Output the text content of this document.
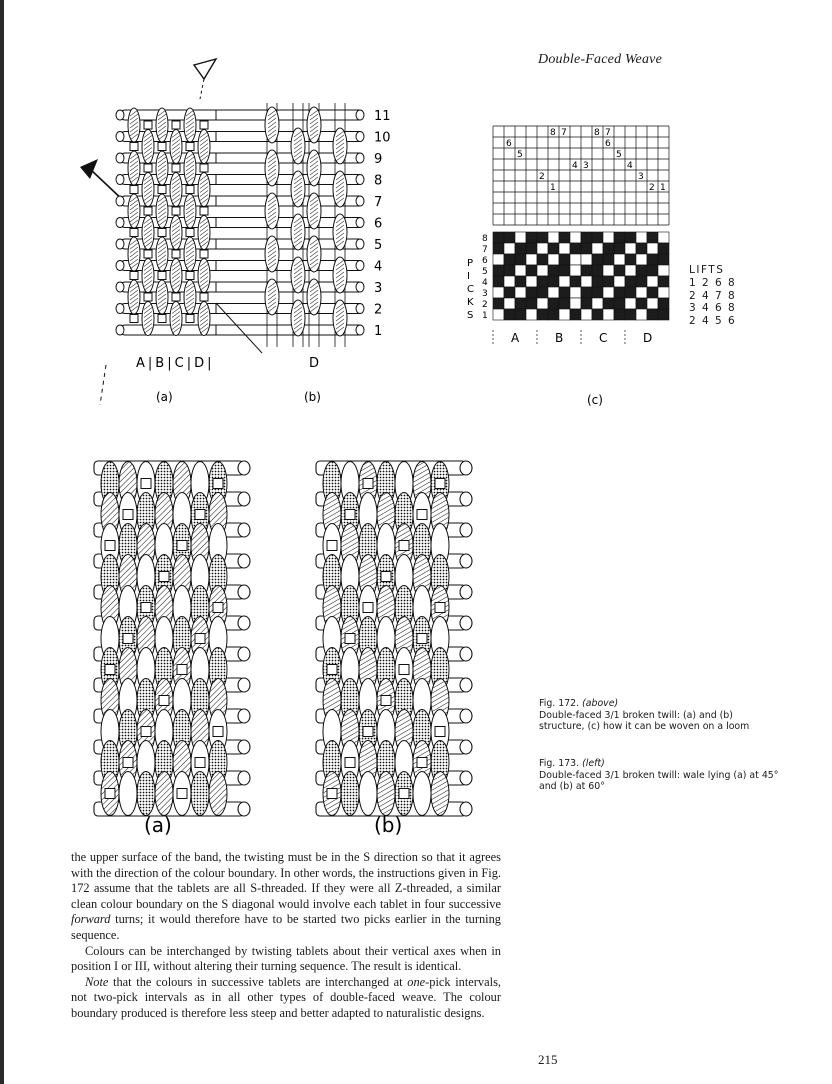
Double-Faced Weave
11
10
9
8
7
6
5
4
3
2
1
A | B | C | D |	D
(a)	(b)
6
5
2
1
8 7
4 3
8 7
6
5
4
3
2 1
P
I
C
K
S
8
7
6
5
4
3
2
1
A	B	C	D
(c)
LIFTS
1 2 6 8
2 4 7 8
3 4 6 8
2 4 5 6
(a)	(b)
Fig. 172. (above)
Double-faced 3/1 broken twill: (a) and (b) structure, (c) how it can be woven on a loom
Fig. 173. (left)
Double-faced 3/1 broken twill: wale lying (a) at 45° and (b) at 60°

the upper surface of the band, the twisting must be in the S direction so that it agrees with the direction of the colour boundary. In other words, the instructions given in Fig. 172 assume that the tablets are all S-threaded. If they were all Z-threaded, a similar clean colour boundary on the S diagonal would involve each tablet in four successive forward turns; it would therefore have to be started two picks earlier in the turning sequence.

Colours can be interchanged by twisting tablets about their vertical axes when in position I or III, without altering their turning sequence. The result is identical.

Note that the colours in successive tablets are interchanged at one-pick intervals, not two-pick intervals as in all other types of double-faced weave. The colour boundary produced is therefore less steep and better adapted to naturalistic designs.

215
